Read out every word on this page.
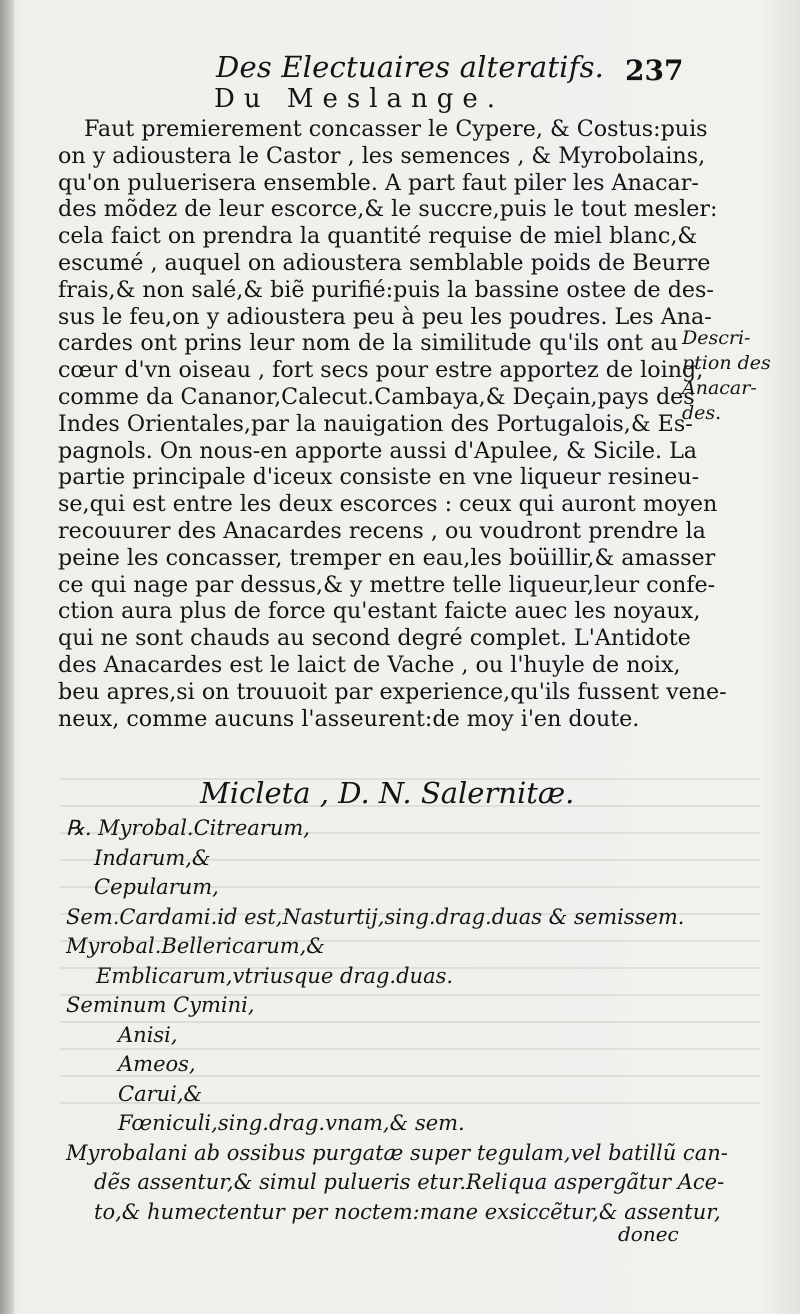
Des Electuaires alteratifs. 237
Du Meslange.
Faut premierement concasser le Cypere, & Costus:puis
on y adioustera le Castor , les semences , & Myrobolains,
qu'on puluerisera ensemble. A part faut piler les Anacar-
des mõdez de leur escorce,& le succre,puis le tout mesler:
cela faict on prendra la quantité requise de miel blanc,&
escumé , auquel on adioustera semblable poids de Beurre
frais,& non salé,& biẽ purifié:puis la bassine ostee de des-
sus le feu,on y adioustera peu à peu les poudres. Les Ana-
cardes ont prins leur nom de la similitude qu'ils ont au
cœur d'vn oiseau , fort secs pour estre apportez de loing,
comme da Cananor,Calecut.Cambaya,& Deçain,pays des
Indes Orientales,par la nauigation des Portugalois,& Es-
pagnols. On nous-en apporte aussi d'Apulee, & Sicile. La
partie principale d'iceux consiste en vne liqueur resineu-
se,qui est entre les deux escorces : ceux qui auront moyen
recouurer des Anacardes recens , ou voudront prendre la
peine les concasser, tremper en eau,les boüillir,& amasser
ce qui nage par dessus,& y mettre telle liqueur,leur confe-
ction aura plus de force qu'estant faicte auec les noyaux,
qui ne sont chauds au second degré complet. L'Antidote
des Anacardes est le laict de Vache , ou l'huyle de noix,
beu apres,si on trouuoit par experience,qu'ils fussent vene-
neux, comme aucuns l'asseurent:de moy i'en doute.
Descri-
ption des
Anacar-
des.
Micleta , D. N. Salernitæ.
℞. Myrobal.Citrearum,
Indarum,&
Cepularum,
Sem.Cardami.id est,Nasturtij,sing.drag.duas & semissem.
Myrobal.Bellericarum,&
Emblicarum,vtriusque drag.duas.
Seminum Cymini,
Anisi,
Ameos,
Carui,&
Fœniculi,sing.drag.vnam,& sem.
Myrobalani ab ossibus purgatæ super tegulam,vel batillũ can-
dẽs assentur,& simul pulueris etur.Reliqua aspergãtur Ace-
to,& humectentur per noctem:mane exsiccẽtur,& assentur,
donec
